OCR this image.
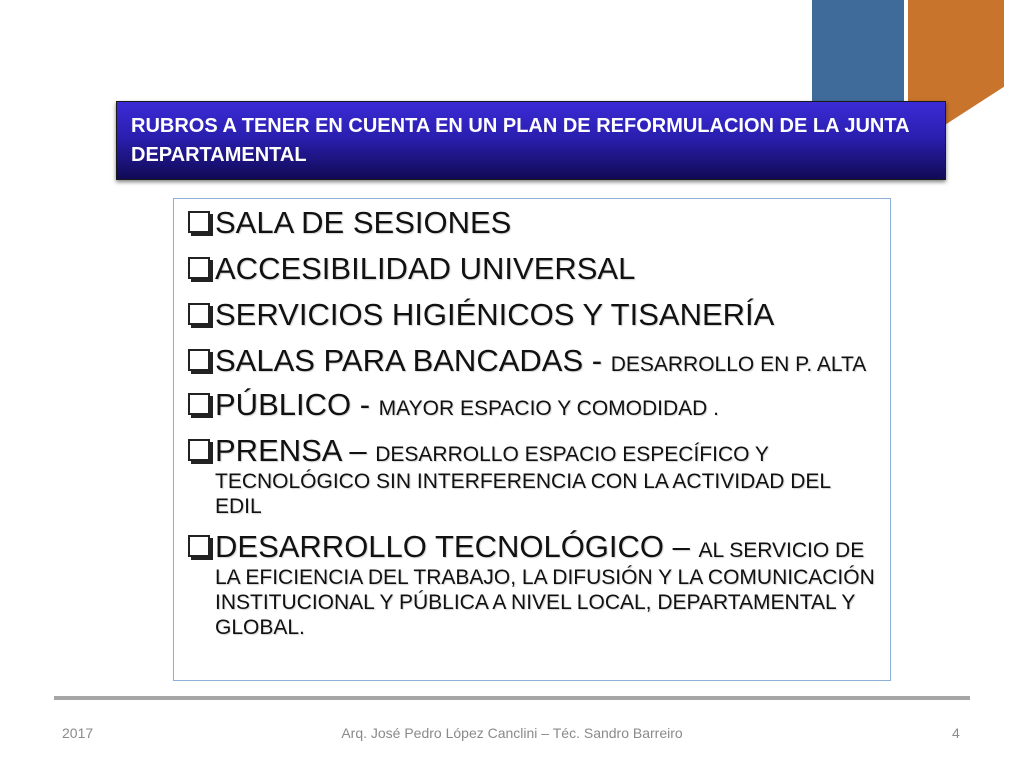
RUBROS A TENER EN CUENTA EN UN PLAN DE REFORMULACION DE LA JUNTA DEPARTAMENTAL
SALA DE SESIONES
ACCESIBILIDAD UNIVERSAL
SERVICIOS HIGIÉNICOS Y TISANERÍA
SALAS PARA BANCADAS - DESARROLLO EN P. ALTA
PÚBLICO - MAYOR ESPACIO Y COMODIDAD .
PRENSA – DESARROLLO ESPACIO ESPECÍFICO Y TECNOLÓGICO SIN INTERFERENCIA CON LA ACTIVIDAD DEL EDIL
DESARROLLO TECNOLÓGICO – AL SERVICIO DE LA EFICIENCIA DEL TRABAJO, LA DIFUSIÓN Y LA COMUNICACIÓN INSTITUCIONAL Y PÚBLICA A NIVEL LOCAL, DEPARTAMENTAL Y GLOBAL.
2017	Arq. José Pedro López Canclini – Téc. Sandro Barreiro	4
